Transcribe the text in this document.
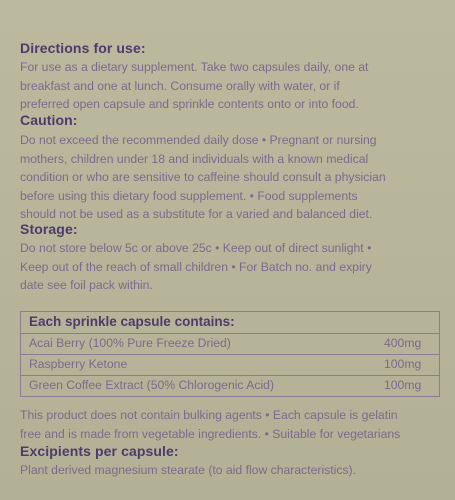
Directions for use:
For use as a dietary supplement. Take two capsules daily, one at
breakfast and one at lunch. Consume orally with water, or if
preferred open capsule and sprinkle contents onto or into food.
Caution:
Do not exceed the recommended daily dose • Pregnant or nursing
mothers, children under 18 and individuals with a known medical
condition or who are sensitive to caffeine should consult a physician
before using this dietary food supplement. • Food supplements
should not be used as a substitute for a varied and balanced diet.
Storage:
Do not store below 5c or above 25c • Keep out of direct sunlight •
Keep out of the reach of small children • For Batch no. and expiry
date see foil pack within.
Each sprinkle capsule contains:
Acai Berry (100% Pure Freeze Dried)	400mg
Raspberry Ketone	100mg
Green Coffee Extract (50% Chlorogenic Acid)	100mg
This product does not contain bulking agents • Each capsule is gelatin
free and is made from vegetable ingredients. • Suitable for vegetarians
Excipients per capsule:
Plant derived magnesium stearate (to aid flow characteristics).
